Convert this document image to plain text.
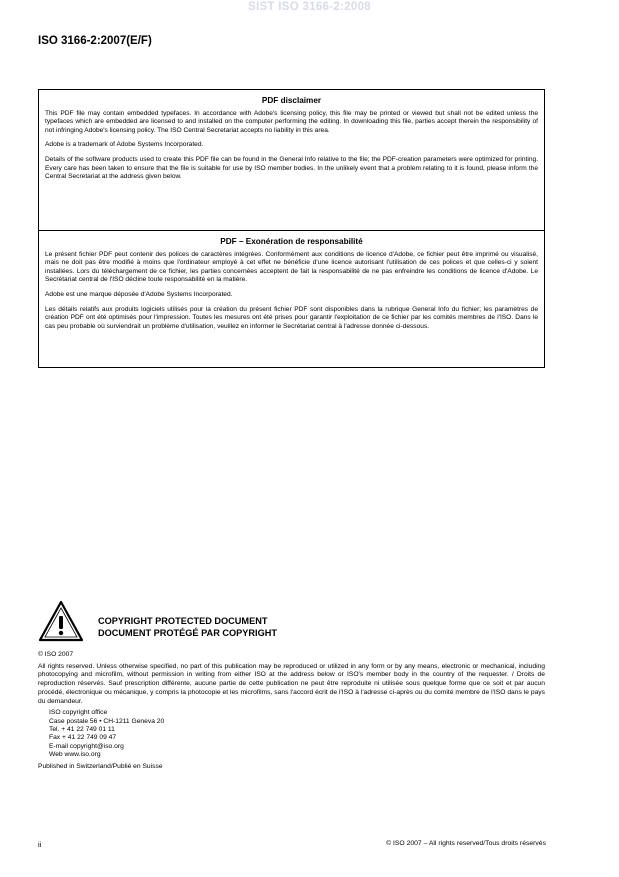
SIST ISO 3166-2:2008
ISO 3166-2:2007(E/F)
PDF disclaimer

This PDF file may contain embedded typefaces. In accordance with Adobe's licensing policy, this file may be printed or viewed but shall not be edited unless the typefaces which are embedded are licensed to and installed on the computer performing the editing. In downloading this file, parties accept therein the responsibility of not infringing Adobe's licensing policy. The ISO Central Secretariat accepts no liability in this area.

Adobe is a trademark of Adobe Systems Incorporated.

Details of the software products used to create this PDF file can be found in the General Info relative to the file; the PDF-creation parameters were optimized for printing. Every care has been taken to ensure that the file is suitable for use by ISO member bodies. In the unlikely event that a problem relating to it is found, please inform the Central Secretariat at the address given below.

PDF – Exonération de responsabilité

Le présent fichier PDF peut contenir des polices de caractères intégrées. Conformément aux conditions de licence d'Adobe, ce fichier peut être imprimé ou visualisé, mais ne doit pas être modifié à moins que l'ordinateur employé à cet effet ne bénéficie d'une licence autorisant l'utilisation de ces polices et que celles-ci y soient installées. Lors du téléchargement de ce fichier, les parties concernées acceptent de fait la responsabilité de ne pas enfreindre les conditions de licence d'Adobe. Le Secrétariat central de l'ISO décline toute responsabilité en la matière.

Adobe est une marque déposée d'Adobe Systems Incorporated.

Les détails relatifs aux produits logiciels utilisés pour la création du présent fichier PDF sont disponibles dans la rubrique General Info du fichier; les paramètres de création PDF ont été optimisés pour l'impression. Toutes les mesures ont été prises pour garantir l'exploitation de ce fichier par les comités membres de l'ISO. Dans le cas peu probable où surviendrait un problème d'utilisation, veuillez en informer le Secrétariat central à l'adresse donnée ci-dessous.

COPYRIGHT PROTECTED DOCUMENT
DOCUMENT PROTÉGÉ PAR COPYRIGHT

© ISO 2007

All rights reserved. Unless otherwise specified, no part of this publication may be reproduced or utilized in any form or by any means, electronic or mechanical, including photocopying and microfilm, without permission in writing from either ISO at the address below or ISO's member body in the country of the requester. / Droits de reproduction réservés. Sauf prescription différente, aucune partie de cette publication ne peut être reproduite ni utilisée sous quelque forme que ce soit et par aucun procédé, électronique ou mécanique, y compris la photocopie et les microfilms, sans l'accord écrit de l'ISO à l'adresse ci-après ou du comité membre de l'ISO dans le pays du demandeur.

ISO copyright office
Case postale 56 • CH-1211 Geneva 20
Tel. + 41 22 749 01 11
Fax + 41 22 749 09 47
E-mail copyright@iso.org
Web www.iso.org

Published in Switzerland/Publié en Suisse

ii	© ISO 2007 – All rights reserved/Tous droits réservés
